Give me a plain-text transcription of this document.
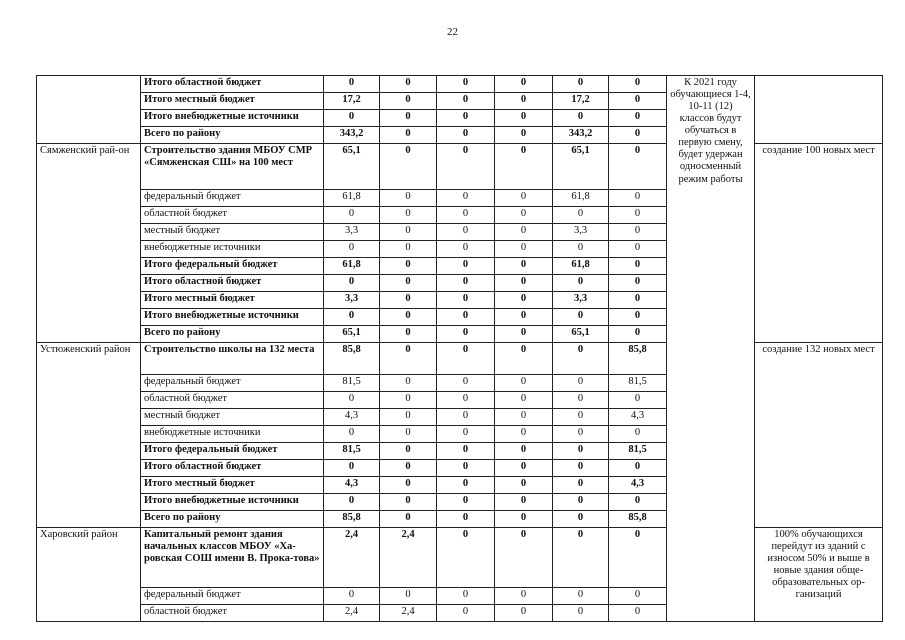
22
	Итого областной бюджет	0	0	0	0	0	0	К 2021 году обучающиеся 1-4, 10-11 (12) классов будут обучаться в первую смену, будет удержан односменный режим работы	
	Итого местный бюджет	17,2	0	0	0	17,2	0		
	Итого внебюджетные источники	0	0	0	0	0	0		
	Всего по району	343,2	0	0	0	343,2	0		
Сямженский рай-он	Строительство здания МБОУ СМР «Сямженская СШ» на 100 мест	65,1	0	0	0	65,1	0		создание 100 новых мест
	федеральный бюджет	61,8	0	0	0	61,8	0		
	областной бюджет	0	0	0	0	0	0		
	местный бюджет	3,3	0	0	0	3,3	0		
	внебюджетные источники	0	0	0	0	0	0		
	Итого федеральный бюджет	61,8	0	0	0	61,8	0		
	Итого областной бюджет	0	0	0	0	0	0		
	Итого местный бюджет	3,3	0	0	0	3,3	0		
	Итого внебюджетные источники	0	0	0	0	0	0		
	Всего по району	65,1	0	0	0	65,1	0		
Устюженский район	Строительство школы на 132 места	85,8	0	0	0	0	85,8		создание 132 новых мест
	федеральный бюджет	81,5	0	0	0	0	81,5		
	областной бюджет	0	0	0	0	0	0		
	местный бюджет	4,3	0	0	0	0	4,3		
	внебюджетные источники	0	0	0	0	0	0		
	Итого федеральный бюджет	81,5	0	0	0	0	81,5		
	Итого областной бюджет	0	0	0	0	0	0		
	Итого местный бюджет	4,3	0	0	0	0	4,3		
	Итого внебюджетные источники	0	0	0	0	0	0		
	Всего по району	85,8	0	0	0	0	85,8		
Харовский район	Капитальный ремонт здания начальных классов МБОУ «Ха-ровская СОШ имени В. Прока-това»	2,4	2,4	0	0	0	0		100% обучающихся перейдут из зданий с износом 50% и выше в новые здания обще-образовательных ор-ганизаций
	федеральный бюджет	0	0	0	0	0	0		
	областной бюджет	2,4	2,4	0	0	0	0		
